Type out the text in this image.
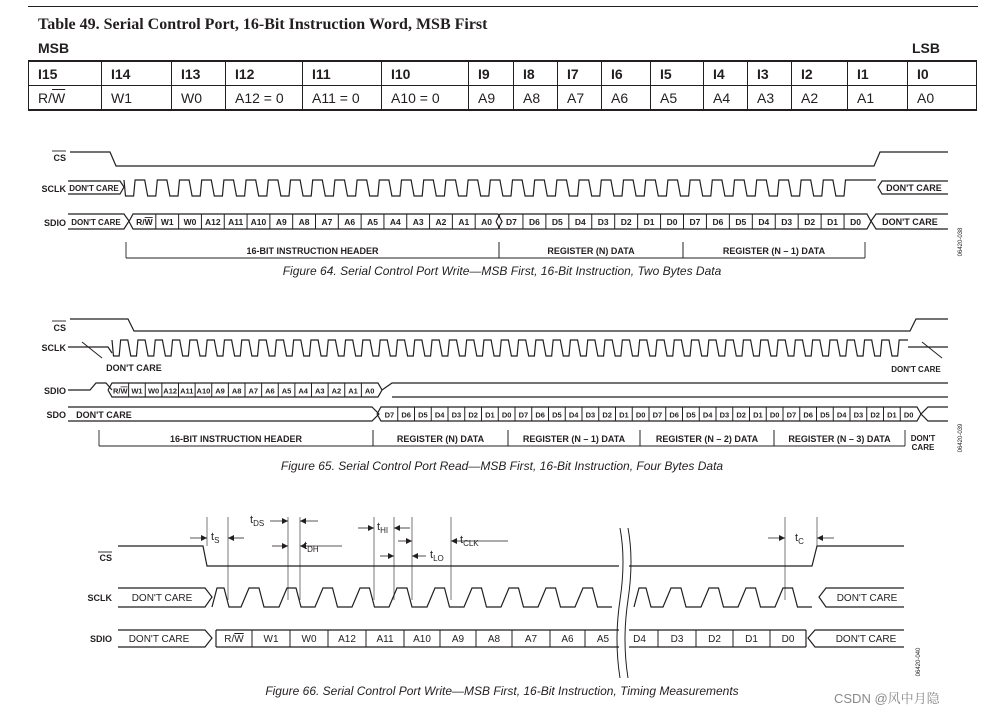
Table 49. Serial Control Port, 16-Bit Instruction Word, MSB First
MSB	LSB
I15	I14	I13	I12	I11	I10	I9	I8	I7	I6	I5	I4	I3	I2	I1	I0
$R/\overline{W}$	W1	W0	A12 = 0	A11 = 0	A10 = 0	A9	A8	A7	A6	A5	A4	A3	A2	A1	A0
CS
SCLK DON'T CARE	DON'T CARE
SDIO DON'T CARE R/W W1 W0 A12 A11 A10 A9 A8 A7 A6 A5 A4 A3 A2 A1 A0 D7 D6 D5 D4 D3 D2 D1 D0 D7 D6 D5 D4 D3 D2 D1 D0 DON'T CARE
16-BIT INSTRUCTION HEADER	REGISTER (N) DATA	REGISTER (N – 1) DATA
Figure 64. Serial Control Port Write—MSB First, 16-Bit Instruction, Two Bytes Data
06420-038
CS
SCLK
DON'T CARE	DON'T CARE
SDIO	R/W W1 W0 A12 A11 A10 A9 A8 A7 A6 A5 A4 A3 A2 A1 A0
SDO DON'T CARE	D7 D6 D5 D4 D3 D2 D1 D0 D7 D6 D5 D4 D3 D2 D1 D0 D7 D6 D5 D4 D3 D2 D1 D0 D7 D6 D5 D4 D3 D2 D1 D0
16-BIT INSTRUCTION HEADER	REGISTER (N) DATA	REGISTER (N – 1) DATA	REGISTER (N – 2) DATA	REGISTER (N – 3) DATA	DON'T
CARE
Figure 65. Serial Control Port Read—MSB First, 16-Bit Instruction, Four Bytes Data
06420-039
CS
SCLK DON'T CARE	DON'T CARE
SDIO DON'T CARE	R/W W1 W0 A12 A11 A10 A9 A8 A7 A6 A5 D4 D3 D2 D1 D0	DON'T CARE
$t_S$
$t_{DS}$
$t_{DH}$
$t_{HI}$
$t_{LO}$
$t_{CLK}$	$t_C$
Figure 66. Serial Control Port Write—MSB First, 16-Bit Instruction, Timing Measurements
06420-040
CSDN @风中月隐
